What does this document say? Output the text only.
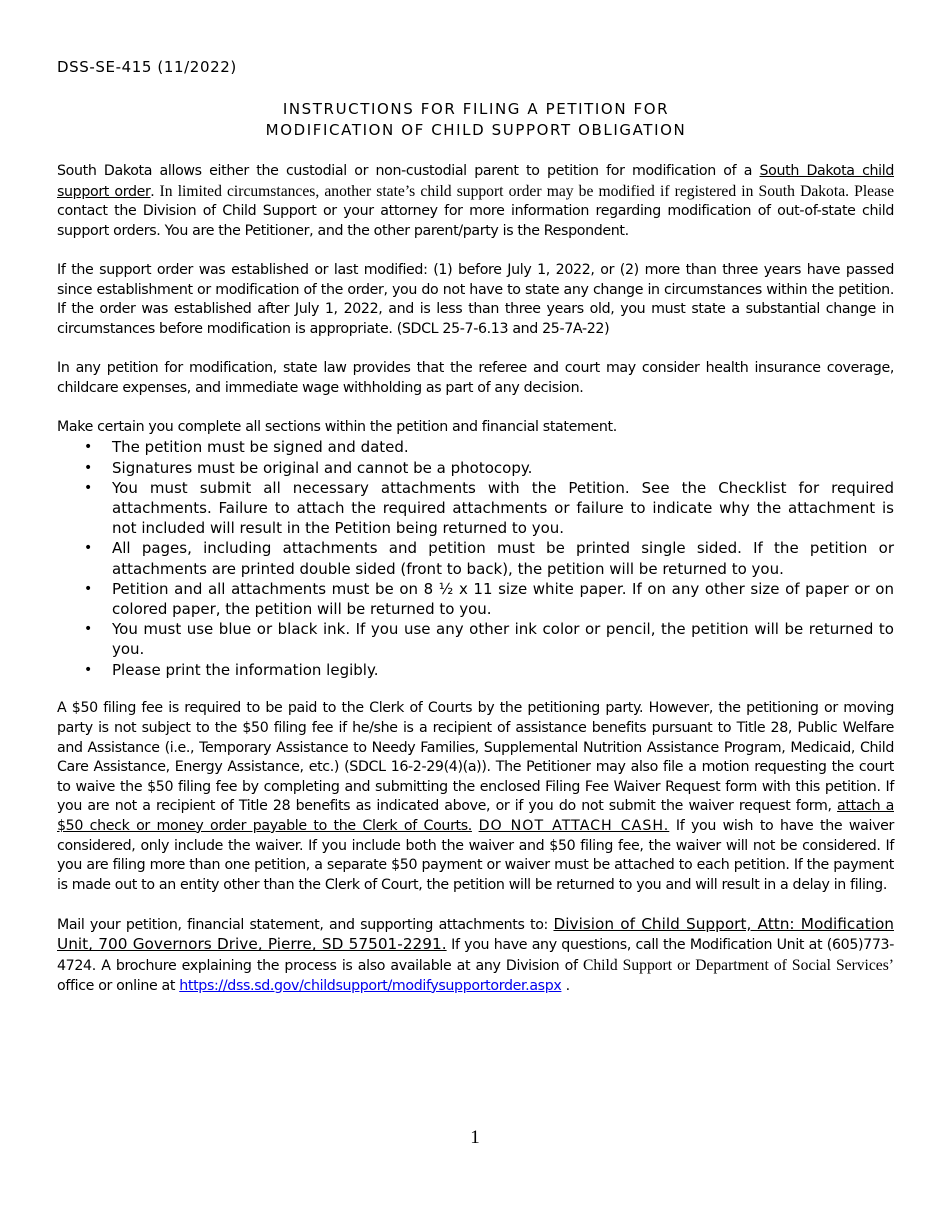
DSS-SE-415 (11/2022)
INSTRUCTIONS FOR FILING A PETITION FOR
MODIFICATION OF CHILD SUPPORT OBLIGATION

South Dakota allows either the custodial or non-custodial parent to petition for modification of a South Dakota child support order. In limited circumstances, another state’s child support order may be modified if registered in South Dakota. Please contact the Division of Child Support or your attorney for more information regarding modification of out-of-state child support orders. You are the Petitioner, and the other parent/party is the Respondent.

If the support order was established or last modified: (1) before July 1, 2022, or (2) more than three years have passed since establishment or modification of the order, you do not have to state any change in circumstances within the petition. If the order was established after July 1, 2022, and is less than three years old, you must state a substantial change in circumstances before modification is appropriate. (SDCL 25-7-6.13 and 25-7A-22)

In any petition for modification, state law provides that the referee and court may consider health insurance coverage, childcare expenses, and immediate wage withholding as part of any decision.

Make certain you complete all sections within the petition and financial statement.

• The petition must be signed and dated.
• Signatures must be original and cannot be a photocopy.
• You must submit all necessary attachments with the Petition. See the Checklist for required attachments. Failure to attach the required attachments or failure to indicate why the attachment is not included will result in the Petition being returned to you.
• All pages, including attachments and petition must be printed single sided. If the petition or attachments are printed double sided (front to back), the petition will be returned to you.
• Petition and all attachments must be on 8 ½ x 11 size white paper. If on any other size of paper or on colored paper, the petition will be returned to you.
• You must use blue or black ink. If you use any other ink color or pencil, the petition will be returned to you.
• Please print the information legibly.

A $50 filing fee is required to be paid to the Clerk of Courts by the petitioning party. However, the petitioning or moving party is not subject to the $50 filing fee if he/she is a recipient of assistance benefits pursuant to Title 28, Public Welfare and Assistance (i.e., Temporary Assistance to Needy Families, Supplemental Nutrition Assistance Program, Medicaid, Child Care Assistance, Energy Assistance, etc.) (SDCL 16-2-29(4)(a)). The Petitioner may also file a motion requesting the court to waive the $50 filing fee by completing and submitting the enclosed Filing Fee Waiver Request form with this petition. If you are not a recipient of Title 28 benefits as indicated above, or if you do not submit the waiver request form, attach a $50 check or money order payable to the Clerk of Courts. DO NOT ATTACH CASH. If you wish to have the waiver considered, only include the waiver. If you include both the waiver and $50 filing fee, the waiver will not be considered. If you are filing more than one petition, a separate $50 payment or waiver must be attached to each petition. If the payment is made out to an entity other than the Clerk of Court, the petition will be returned to you and will result in a delay in filing.

Mail your petition, financial statement, and supporting attachments to: Division of Child Support, Attn: Modification Unit, 700 Governors Drive, Pierre, SD 57501-2291. If you have any questions, call the Modification Unit at (605)773-4724. A brochure explaining the process is also available at any Division of Child Support or Department of Social Services’ office or online at https://dss.sd.gov/childsupport/modifysupportorder.aspx .

1
